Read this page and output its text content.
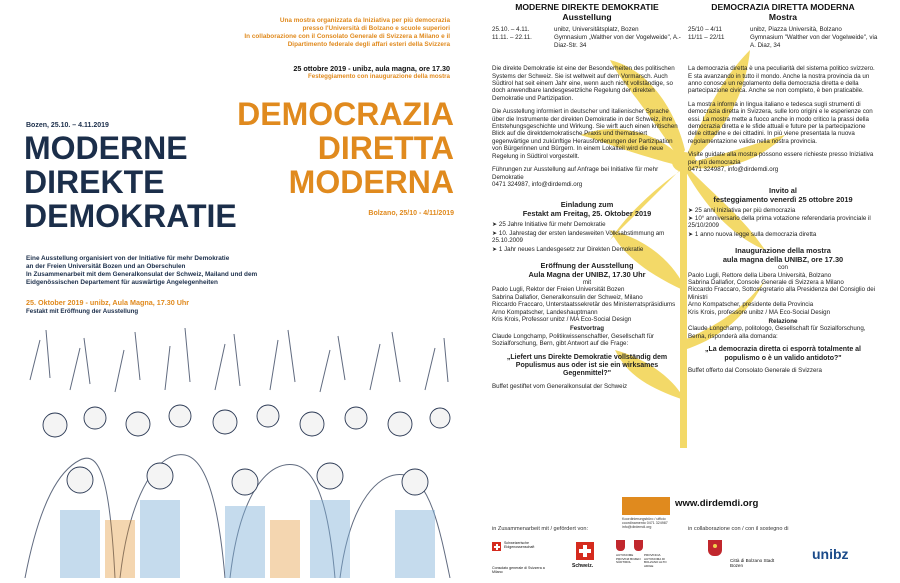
Una mostra organizzata da Iniziativa per più democrazia
presso l'Università di Bolzano e scuole superiori
In collaborazione con il Consolato Generale di Svizzera a Milano e il
Dipartimento federale degli affari esteri della Svizzera
25 ottobre 2019 - unibz, aula magna, ore 17.30
Festeggiamento con inaugurazione della mostra
Bozen, 25.10. – 4.11.2019	DEMOCRAZIA
MODERNE	DIRETTA
DIREKTE	MODERNA
DEMOKRATIE	Bolzano, 25/10 - 4/11/2019
Eine Ausstellung organisiert von der Initiative für mehr Demokratie
an der Freien Universität Bozen und an Oberschulen
In Zusammenarbeit mit dem Generalkonsulat der Schweiz, Mailand und dem
Eidgenössischen Departement für auswärtige Angelegenheiten
25. Oktober 2019 - unibz, Aula Magna, 17.30 Uhr
Festakt mit Eröffnung der Ausstellung
MODERNE DIREKTE DEMOKRATIE
Ausstellung
25.10. – 4.11.	unibz, Universitätsplatz, Bozen
11.11. – 22.11.	Gymnasium „Walther von der Vogelweide", A.-Diaz-Str. 34
Die direkte Demokratie ist eine der Besonderheiten des politischen Systems der Schweiz. Sie ist weltweit auf dem Vormarsch. Auch Südtirol hat seit einem Jahr eine, wenn auch nicht vollständige, so doch anwendbare landesgesetzliche Regelung der direkten Demokratie und Partizipation.
Die Ausstellung informiert in deutscher und italienischer Sprache über die Instrumente der direkten Demokratie in der Schweiz, ihre Entstehungsgeschichte und Wirkung. Sie wirft auch einen kritischen Blick auf die direktdemokratische Praxis und thematisiert gegenwärtige und zukünftige Herausforderungen der Partizipation von Bürgerinnen und Bürgern. In einem Lokalteil wird die neue Regelung in Südtirol vorgestellt.
Führungen zur Ausstellung auf Anfrage bei Initiative für mehr Demokratie
0471 324987, info@dirdemdi.org
Einladung zum
Festakt am Freitag, 25. Oktober 2019
➤ 25 Jahre Initiative für mehr Demokratie
➤ 10. Jahrestag der ersten landesweiten Volksabstimmung am 25.10.2009
➤ 1 Jahr neues Landesgesetz zur Direkten Demokratie
Eröffnung der Ausstellung
Aula Magna der UNIBZ, 17.30 Uhr
mit
Paolo Lugli, Rektor der Freien Universität Bozen
Sabrina Dallafior, Generalkonsulin der Schweiz, Milano
Riccardo Fraccaro, Unterstaatssekretär des Ministerratspräsidiums
Arno Kompatscher, Landeshauptmann
Kris Krois, Professor unibz / MA Eco-Social Design
Festvortrag
Claude Longchamp, Politikwissenschaftler, Gesellschaft für Sozialforschung, Bern, gibt Antwort auf die Frage:
„Liefert uns Direkte Demokratie vollständig dem Populismus aus oder ist sie ein wirksames Gegenmittel?"
Buffet gestiftet vom Generalkonsulat der Schweiz
DEMOCRAZIA DIRETTA MODERNA
Mostra
25/10 – 4/11	unibz, Piazza Università, Bolzano
11/11 – 22/11	Gymnasium "Walther von der Vogelweide", via A. Diaz, 34
La democrazia diretta è una peculiarità del sistema politico svizzero. E sta avanzando in tutto il mondo. Anche la nostra provincia da un anno conosce un regolamento della democrazia diretta e della partecipazione civica. Anche se non completo, è ben praticabile.
La mostra informa in lingua italiano e tedesca sugli strumenti di democrazia diretta in Svizzera, sulle loro origini e le esperienze con essi. La mostra mette a fuoco anche in modo critico la prassi della democrazia diretta e le sfide attuali e future per la partecipazione delle cittadine e dei cittadini. In più viene presentata la nuova regolamentazione valida nella nostra provincia.
Visite guidate alla mostra possono essere richieste presso Iniziativa per più democrazia
0471 324987, info@dirdemdi.org
Invito al
festeggiamento venerdì 25 ottobre 2019
➤ 25 anni Iniziativa per più democrazia
➤ 10° anniversario della prima votazione referendaria provinciale il 25/10/2009
➤ 1 anno nuova legge sulla democrazia diretta
Inaugurazione della mostra
aula magna della UNIBZ, ore 17.30
con
Paolo Lugli, Rettore della Libera Università, Bolzano
Sabrina Dallafior, Console Generale di Svizzera a Milano
Riccardo Fraccaro, Sottosegretario alla Presidenza del Consiglio dei Ministri
Arno Kompatscher, presidente della Provincia
Kris Krois, professore unibz / MA Eco-Social Design
Relazione
Claude Longchamp, politologo, Gesellschaft für Sozialforschung, Berna, risponderà alla domanda:
„La democrazia diretta ci esporrà totalmente al populismo o è un valido antidoto?"
Buffet offerto dal Consolato Generale di Svizzera
Koordinierungsbüro / ufficio coordinamento 0471 324987 info@dirdemdi.org
www.dirdemdi.org
in Zusammenarbeit mit / gefördert von:	in collaborazione con / con il sostegno di
Schweizerische Eidgenossenschaft
Consolato generale di Svizzera a Milano
Schweiz.
AUTONOME PROVINZ BOZEN SÜDTIROL
PROVINCIA AUTONOMA DI BOLZANO ALTO ADIGE
Città di Bolzano Stadt Bozen
unibz
